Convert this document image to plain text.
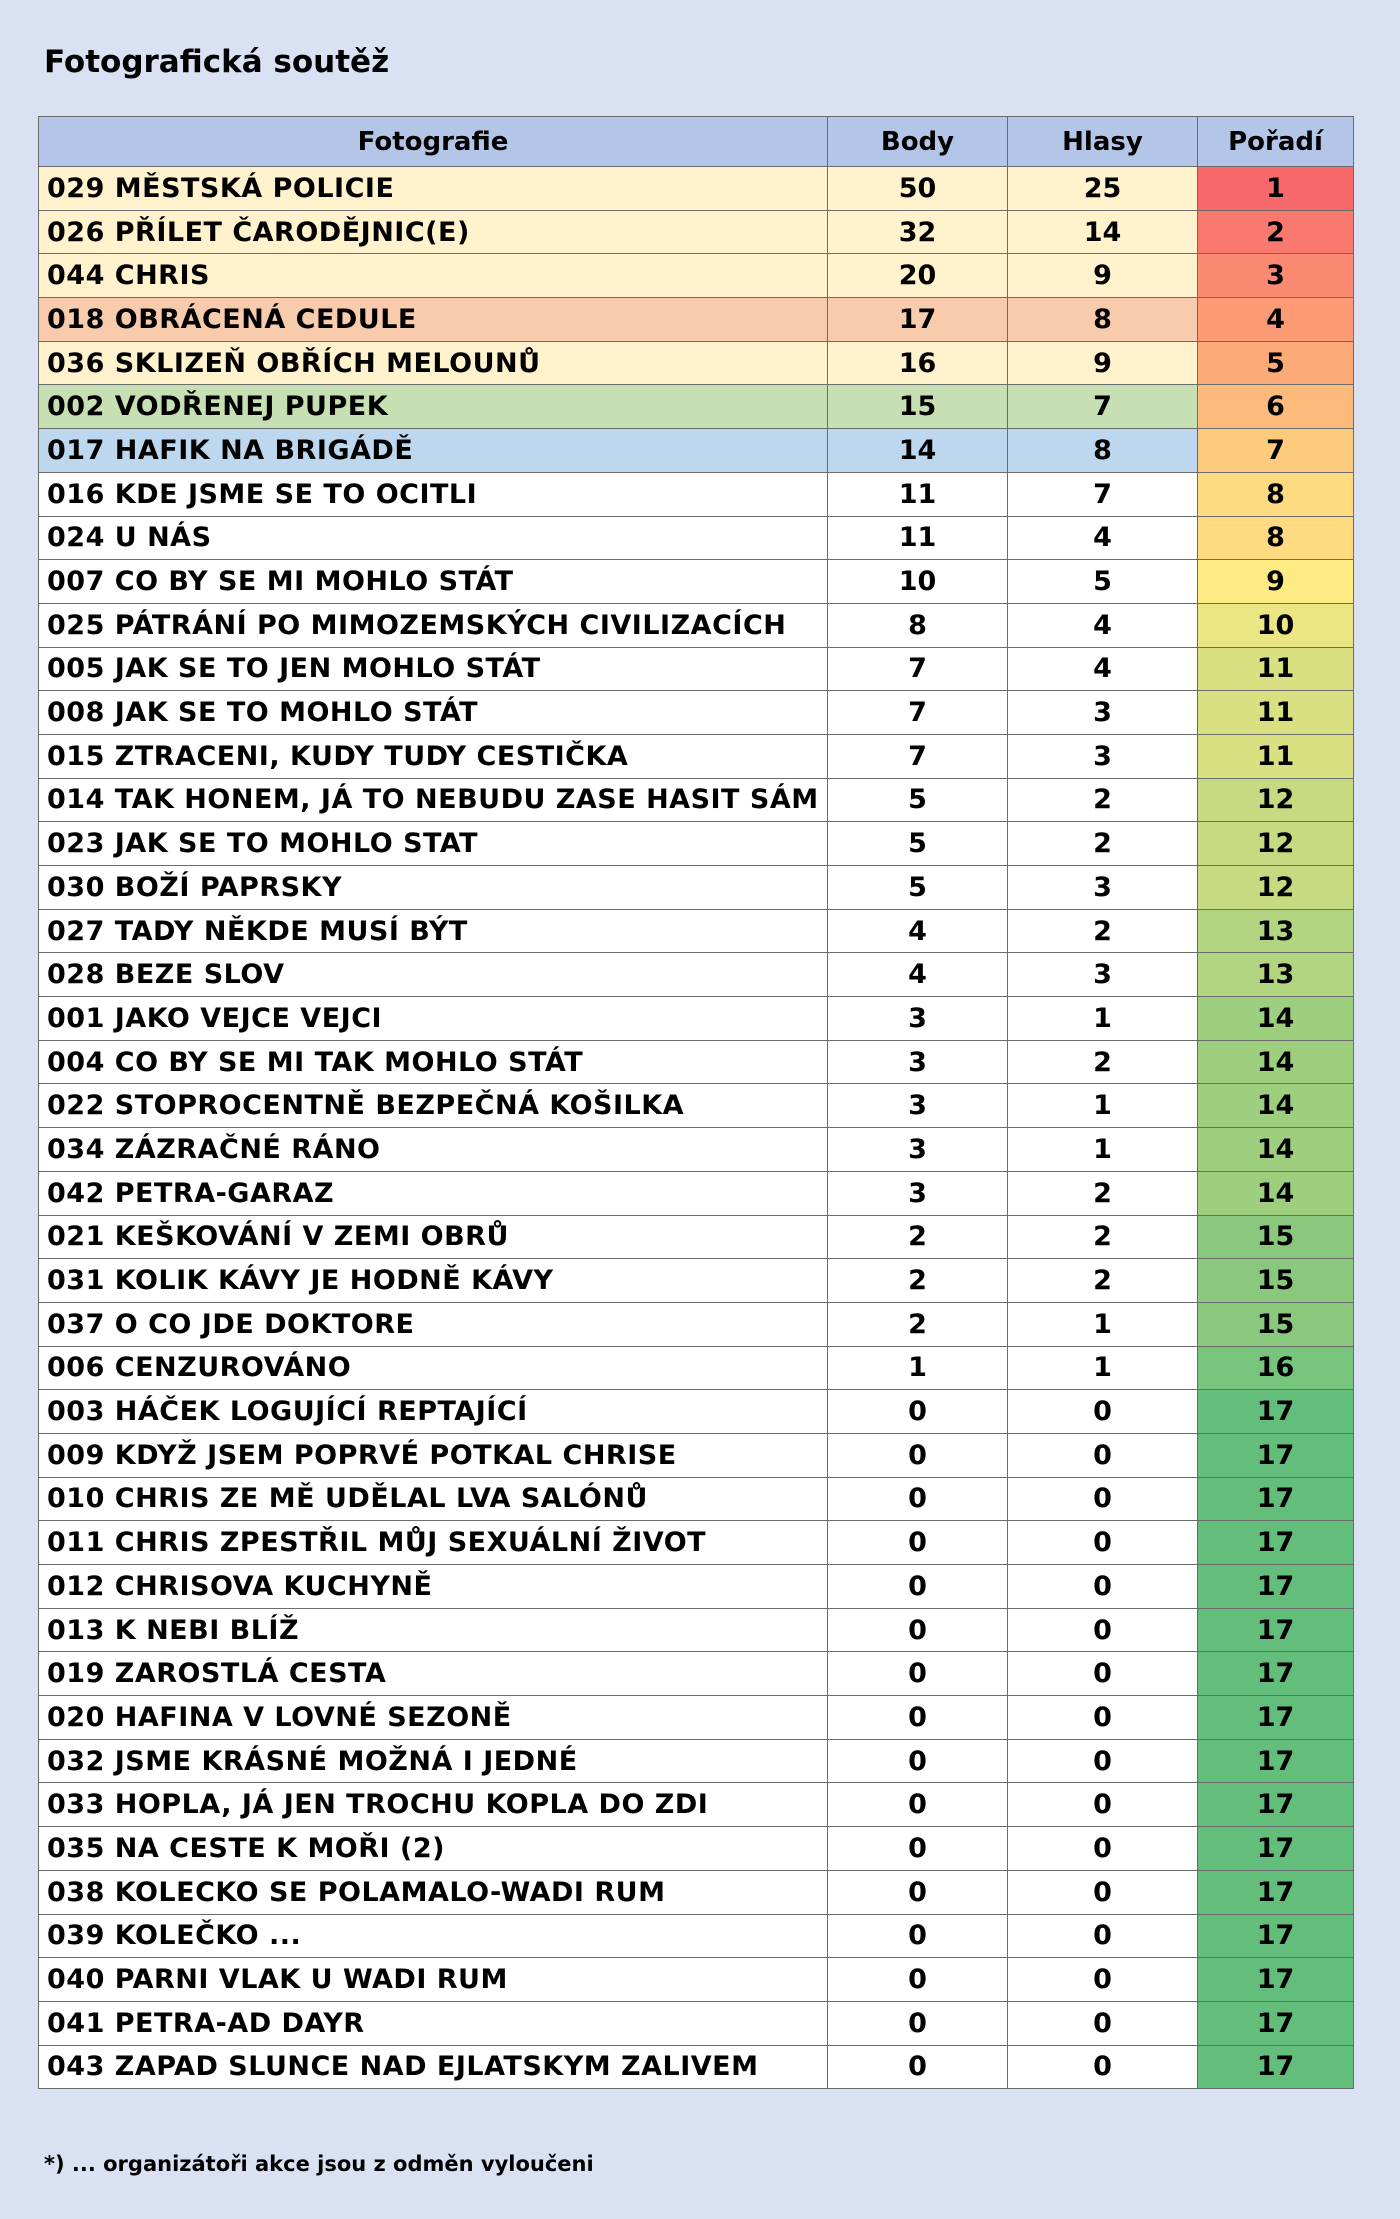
Fotografická soutěž
Fotografie	Body	Hlasy	Pořadí	
029 MĚSTSKÁ POLICIE	50	25	1	
026 PŘÍLET ČARODĚJNIC(E)	32	14	2	
044 CHRIS	20	9	3	
018 OBRÁCENÁ CEDULE	17	8	4	
036 SKLIZEŇ OBŘÍCH MELOUNŮ	16	9	5	
002 VODŘENEJ PUPEK	15	7	6	
017 HAFIK NA BRIGÁDĚ	14	8	7	
016 KDE JSME SE TO OCITLI	11	7	8	
024 U NÁS	11	4	8	
007 CO BY SE MI MOHLO STÁT	10	5	9	
025 PÁTRÁNÍ PO MIMOZEMSKÝCH CIVILIZACÍCH	8	4	10	
005 JAK SE TO JEN MOHLO STÁT	7	4	11	
008 JAK SE TO MOHLO STÁT	7	3	11	
015 ZTRACENI, KUDY TUDY CESTIČKA	7	3	11	
014 TAK HONEM, JÁ TO NEBUDU ZASE HASIT SÁM	5	2	12	
023 JAK SE TO MOHLO STAT	5	2	12	
030 BOŽÍ PAPRSKY	5	3	12	
027 TADY NĚKDE MUSÍ BÝT	4	2	13	
028 BEZE SLOV	4	3	13	
001 JAKO VEJCE VEJCI	3	1	14	
004 CO BY SE MI TAK MOHLO STÁT	3	2	14	
022 STOPROCENTNĚ BEZPEČNÁ KOŠILKA	3	1	14	
034 ZÁZRAČNÉ RÁNO	3	1	14	
042 PETRA-GARAZ	3	2	14	
021 KEŠKOVÁNÍ V ZEMI OBRŮ	2	2	15	
031 KOLIK KÁVY JE HODNĚ KÁVY	2	2	15	
037 O CO JDE DOKTORE	2	1	15	
006 CENZUROVÁNO	1	1	16	
003 HÁČEK LOGUJÍCÍ REPTAJÍCÍ	0	0	17	
009 KDYŽ JSEM POPRVÉ POTKAL CHRISE	0	0	17	
010 CHRIS ZE MĚ UDĚLAL LVA SALÓNŮ	0	0	17	
011 CHRIS ZPESTŘIL MŮJ SEXUÁLNÍ ŽIVOT	0	0	17	
012 CHRISOVA KUCHYNĚ	0	0	17	
013 K NEBI BLÍŽ	0	0	17	
019 ZAROSTLÁ CESTA	0	0	17	
020 HAFINA V LOVNÉ SEZONĚ	0	0	17	
032 JSME KRÁSNÉ MOŽNÁ I JEDNÉ	0	0	17	
033 HOPLA, JÁ JEN TROCHU KOPLA DO ZDI	0	0	17	
035 NA CESTE K MOŘI (2)	0	0	17	
038 KOLECKO SE POLAMALO-WADI RUM	0	0	17	
039 KOLEČKO ...	0	0	17	
040 PARNI VLAK U WADI RUM	0	0	17	
041 PETRA-AD DAYR	0	0	17	
043 ZAPAD SLUNCE NAD EJLATSKYM ZALIVEM	0	0	17	
*) ... organizátoři akce jsou z odměn vyloučeni
